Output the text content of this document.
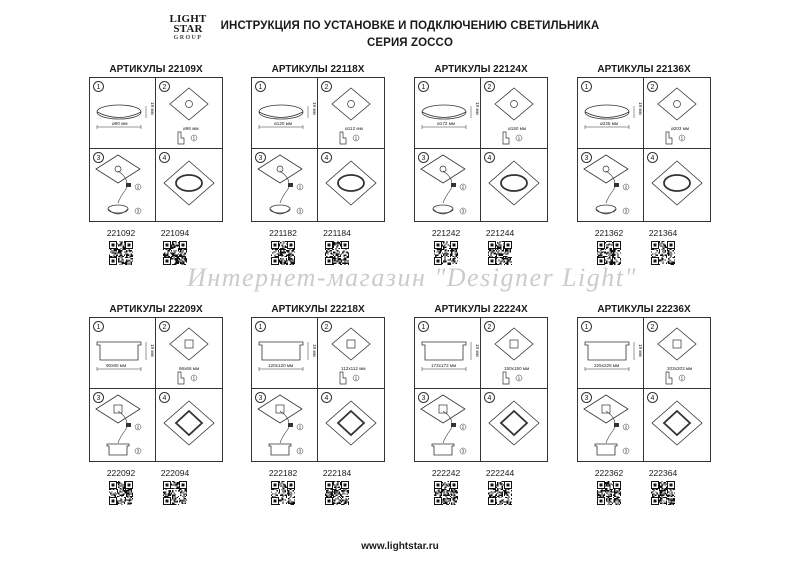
LIGHT
STAR
GROUP
ИНСТРУКЦИЯ ПО УСТАНОВКЕ И ПОДКЛЮЧЕНИЮ СВЕТИЛЬНИКА
СЕРИЯ ZOCCO
АРТИКУЛЫ 22109X
ø90 мм
19 мм
1
ø96 мм
1
2
2
3
3	4
221092	221094
АРТИКУЛЫ 22118X
ø120 мм
19 мм
1
ø112 мм
1
2
2
3
3	4
221182	221184
АРТИКУЛЫ 22124X
ø172 мм
19 мм
1
ø150 мм
1
2
2
3
3	4
221242	221244
АРТИКУЛЫ 22136X
ø225 мм
19 мм
1
ø203 мм
1
2
2
3
3	4
221362	221364
АРТИКУЛЫ 22209X
90x90 мм
19 мм
1
66x66 мм
1
2
2
3
3	4
222092	222094
АРТИКУЛЫ 22218X
120x120 мм
19 мм
1
112x112 мм
1
2
2
3
3	4
222182	222184
АРТИКУЛЫ 22224X
172x172 мм
19 мм
1
150x150 мм
1
2
2
3
3	4
222242	222244
АРТИКУЛЫ 22236X
225x225 мм
19 мм
1
203x203 мм
1
2
2
3
3	4
222362	222364
Интернет-магазин "Designer Light"
www.lightstar.ru
